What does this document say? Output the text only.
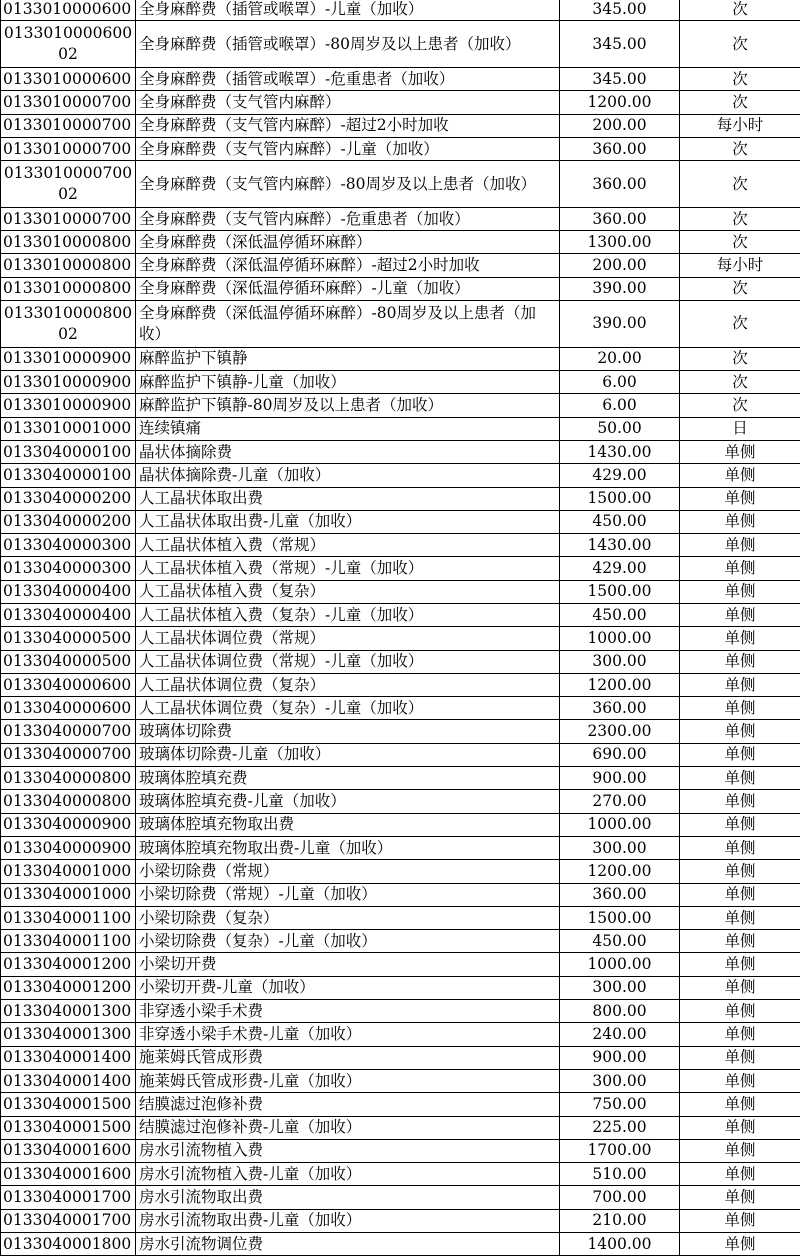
0133010000600	全身麻醉费（插管或喉罩）-儿童（加收）	345.00	次
013301000060002	全身麻醉费（插管或喉罩）-80周岁及以上患者（加收）	345.00	次
0133010000600	全身麻醉费（插管或喉罩）-危重患者（加收）	345.00	次
0133010000700	全身麻醉费（支气管内麻醉）	1200.00	次
0133010000700	全身麻醉费（支气管内麻醉）-超过2小时加收	200.00	每小时
0133010000700	全身麻醉费（支气管内麻醉）-儿童（加收）	360.00	次
013301000070002	全身麻醉费（支气管内麻醉）-80周岁及以上患者（加收）	360.00	次
0133010000700	全身麻醉费（支气管内麻醉）-危重患者（加收）	360.00	次
0133010000800	全身麻醉费（深低温停循环麻醉）	1300.00	次
0133010000800	全身麻醉费（深低温停循环麻醉）-超过2小时加收	200.00	每小时
0133010000800	全身麻醉费（深低温停循环麻醉）-儿童（加收）	390.00	次
013301000080002	全身麻醉费（深低温停循环麻醉）-80周岁及以上患者（加收）	390.00	次
0133010000900	麻醉监护下镇静	20.00	次
0133010000900	麻醉监护下镇静-儿童（加收）	6.00	次
0133010000900	麻醉监护下镇静-80周岁及以上患者（加收）	6.00	次
0133010001000	连续镇痛	50.00	日
0133040000100	晶状体摘除费	1430.00	单侧
0133040000100	晶状体摘除费-儿童（加收）	429.00	单侧
0133040000200	人工晶状体取出费	1500.00	单侧
0133040000200	人工晶状体取出费-儿童（加收）	450.00	单侧
0133040000300	人工晶状体植入费（常规）	1430.00	单侧
0133040000300	人工晶状体植入费（常规）-儿童（加收）	429.00	单侧
0133040000400	人工晶状体植入费（复杂）	1500.00	单侧
0133040000400	人工晶状体植入费（复杂）-儿童（加收）	450.00	单侧
0133040000500	人工晶状体调位费（常规）	1000.00	单侧
0133040000500	人工晶状体调位费（常规）-儿童（加收）	300.00	单侧
0133040000600	人工晶状体调位费（复杂）	1200.00	单侧
0133040000600	人工晶状体调位费（复杂）-儿童（加收）	360.00	单侧
0133040000700	玻璃体切除费	2300.00	单侧
0133040000700	玻璃体切除费-儿童（加收）	690.00	单侧
0133040000800	玻璃体腔填充费	900.00	单侧
0133040000800	玻璃体腔填充费-儿童（加收）	270.00	单侧
0133040000900	玻璃体腔填充物取出费	1000.00	单侧
0133040000900	玻璃体腔填充物取出费-儿童（加收）	300.00	单侧
0133040001000	小梁切除费（常规）	1200.00	单侧
0133040001000	小梁切除费（常规）-儿童（加收）	360.00	单侧
0133040001100	小梁切除费（复杂）	1500.00	单侧
0133040001100	小梁切除费（复杂）-儿童（加收）	450.00	单侧
0133040001200	小梁切开费	1000.00	单侧
0133040001200	小梁切开费-儿童（加收）	300.00	单侧
0133040001300	非穿透小梁手术费	800.00	单侧
0133040001300	非穿透小梁手术费-儿童（加收）	240.00	单侧
0133040001400	施莱姆氏管成形费	900.00	单侧
0133040001400	施莱姆氏管成形费-儿童（加收）	300.00	单侧
0133040001500	结膜滤过泡修补费	750.00	单侧
0133040001500	结膜滤过泡修补费-儿童（加收）	225.00	单侧
0133040001600	房水引流物植入费	1700.00	单侧
0133040001600	房水引流物植入费-儿童（加收）	510.00	单侧
0133040001700	房水引流物取出费	700.00	单侧
0133040001700	房水引流物取出费-儿童（加收）	210.00	单侧
0133040001800	房水引流物调位费	1400.00	单侧
